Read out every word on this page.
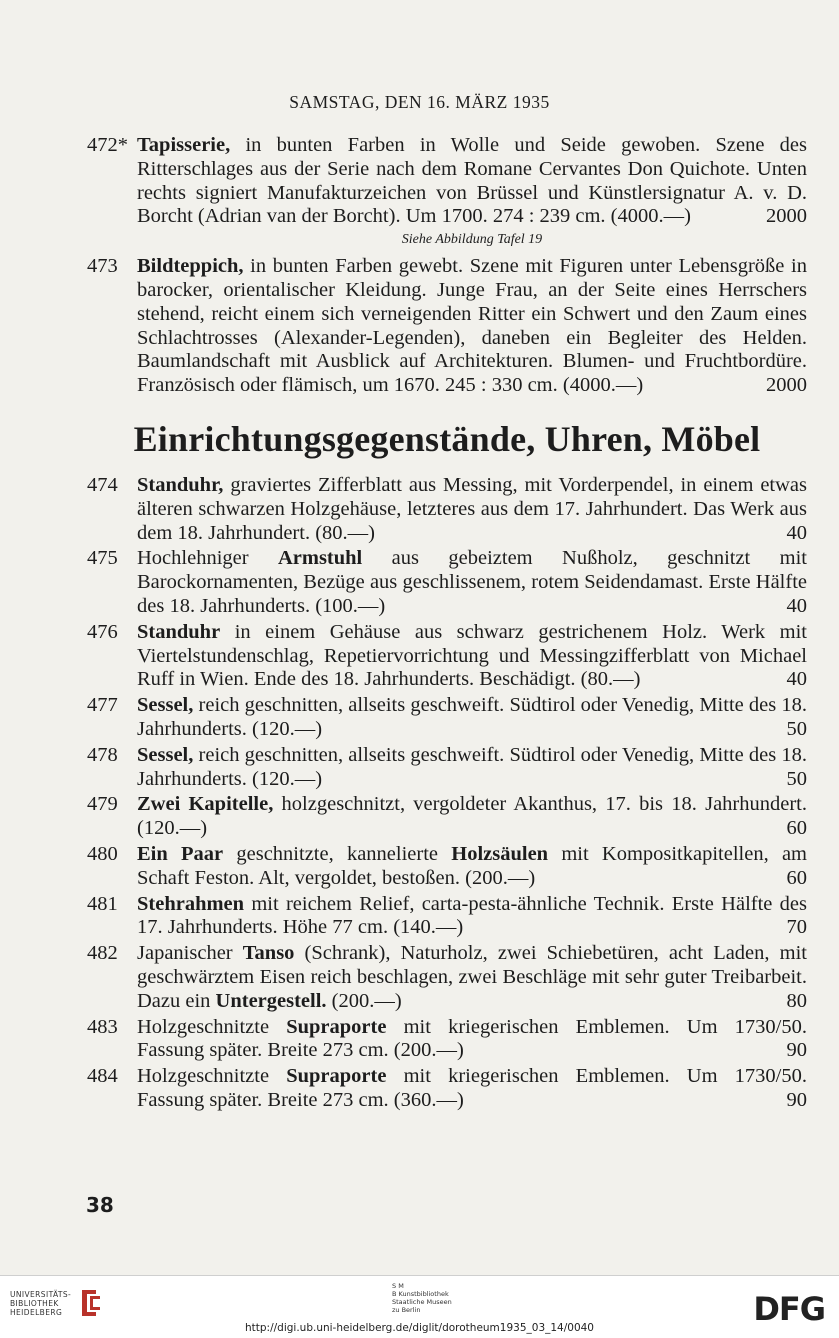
SAMSTAG, DEN 16. MÄRZ 1935
472* Tapisserie, in bunten Farben in Wolle und Seide gewoben. Szene des Ritterschlages aus der Serie nach dem Romane Cervantes Don Quichote. Unten rechts signiert Manufakturzeichen von Brüssel und Künstlersignatur A. v. D. Borcht (Adrian van der Borcht). Um 1700. 274 : 239 cm. (4000.—)	2000
Siehe Abbildung Tafel 19
473 Bildteppich, in bunten Farben gewebt. Szene mit Figuren unter Lebensgröße in barocker, orientalischer Kleidung. Junge Frau, an der Seite eines Herrschers stehend, reicht einem sich verneigenden Ritter ein Schwert und den Zaum eines Schlachtrosses (Alexander-Legenden), daneben ein Begleiter des Helden. Baumlandschaft mit Ausblick auf Architekturen. Blumen- und Fruchtbordüre. Französisch oder flämisch, um 1670. 245 : 330 cm. (4000.—)	2000
Einrichtungsgegenstände, Uhren, Möbel
474 Standuhr, graviertes Zifferblatt aus Messing, mit Vorderpendel, in einem etwas älteren schwarzen Holzgehäuse, letzteres aus dem 17. Jahrhundert. Das Werk aus dem 18. Jahrhundert. (80.—)	40
475 Hochlehniger Armstuhl aus gebeiztem Nußholz, geschnitzt mit Barockornamenten, Bezüge aus geschlissenem, rotem Seidendamast. Erste Hälfte des 18. Jahrhunderts. (100.—)	40
476 Standuhr in einem Gehäuse aus schwarz gestrichenem Holz. Werk mit Viertelstundenschlag, Repetiervorrichtung und Messingzifferblatt von Michael Ruff in Wien. Ende des 18. Jahrhunderts. Beschädigt. (80.—)	40
477 Sessel, reich geschnitten, allseits geschweift. Südtirol oder Venedig, Mitte des 18. Jahrhunderts. (120.—)	50
478 Sessel, reich geschnitten, allseits geschweift. Südtirol oder Venedig, Mitte des 18. Jahrhunderts. (120.—)	50
479 Zwei Kapitelle, holzgeschnitzt, vergoldeter Akanthus, 17. bis 18. Jahrhundert. (120.—)	60
480 Ein Paar geschnitzte, kannelierte Holzsäulen mit Kompositkapitellen, am Schaft Feston. Alt, vergoldet, bestoßen. (200.—)	60
481 Stehrahmen mit reichem Relief, carta-pesta-ähnliche Technik. Erste Hälfte des 17. Jahrhunderts. Höhe 77 cm. (140.—)	70
482 Japanischer Tanso (Schrank), Naturholz, zwei Schiebetüren, acht Laden, mit geschwärztem Eisen reich beschlagen, zwei Beschläge mit sehr guter Treibarbeit. Dazu ein Untergestell. (200.—)	80
483 Holzgeschnitzte Supraporte mit kriegerischen Emblemen. Um 1730/50. Fassung später. Breite 273 cm. (200.—)	90
484 Holzgeschnitzte Supraporte mit kriegerischen Emblemen. Um 1730/50. Fassung später. Breite 273 cm. (360.—)	90
38
UNIVERSITÄTS-
BIBLIOTHEK
HEIDELBERG
S M
B Kunstbibliothek
Staatliche Museen
zu Berlin
http://digi.ub.uni-heidelberg.de/diglit/dorotheum1935_03_14/0040	DFG
